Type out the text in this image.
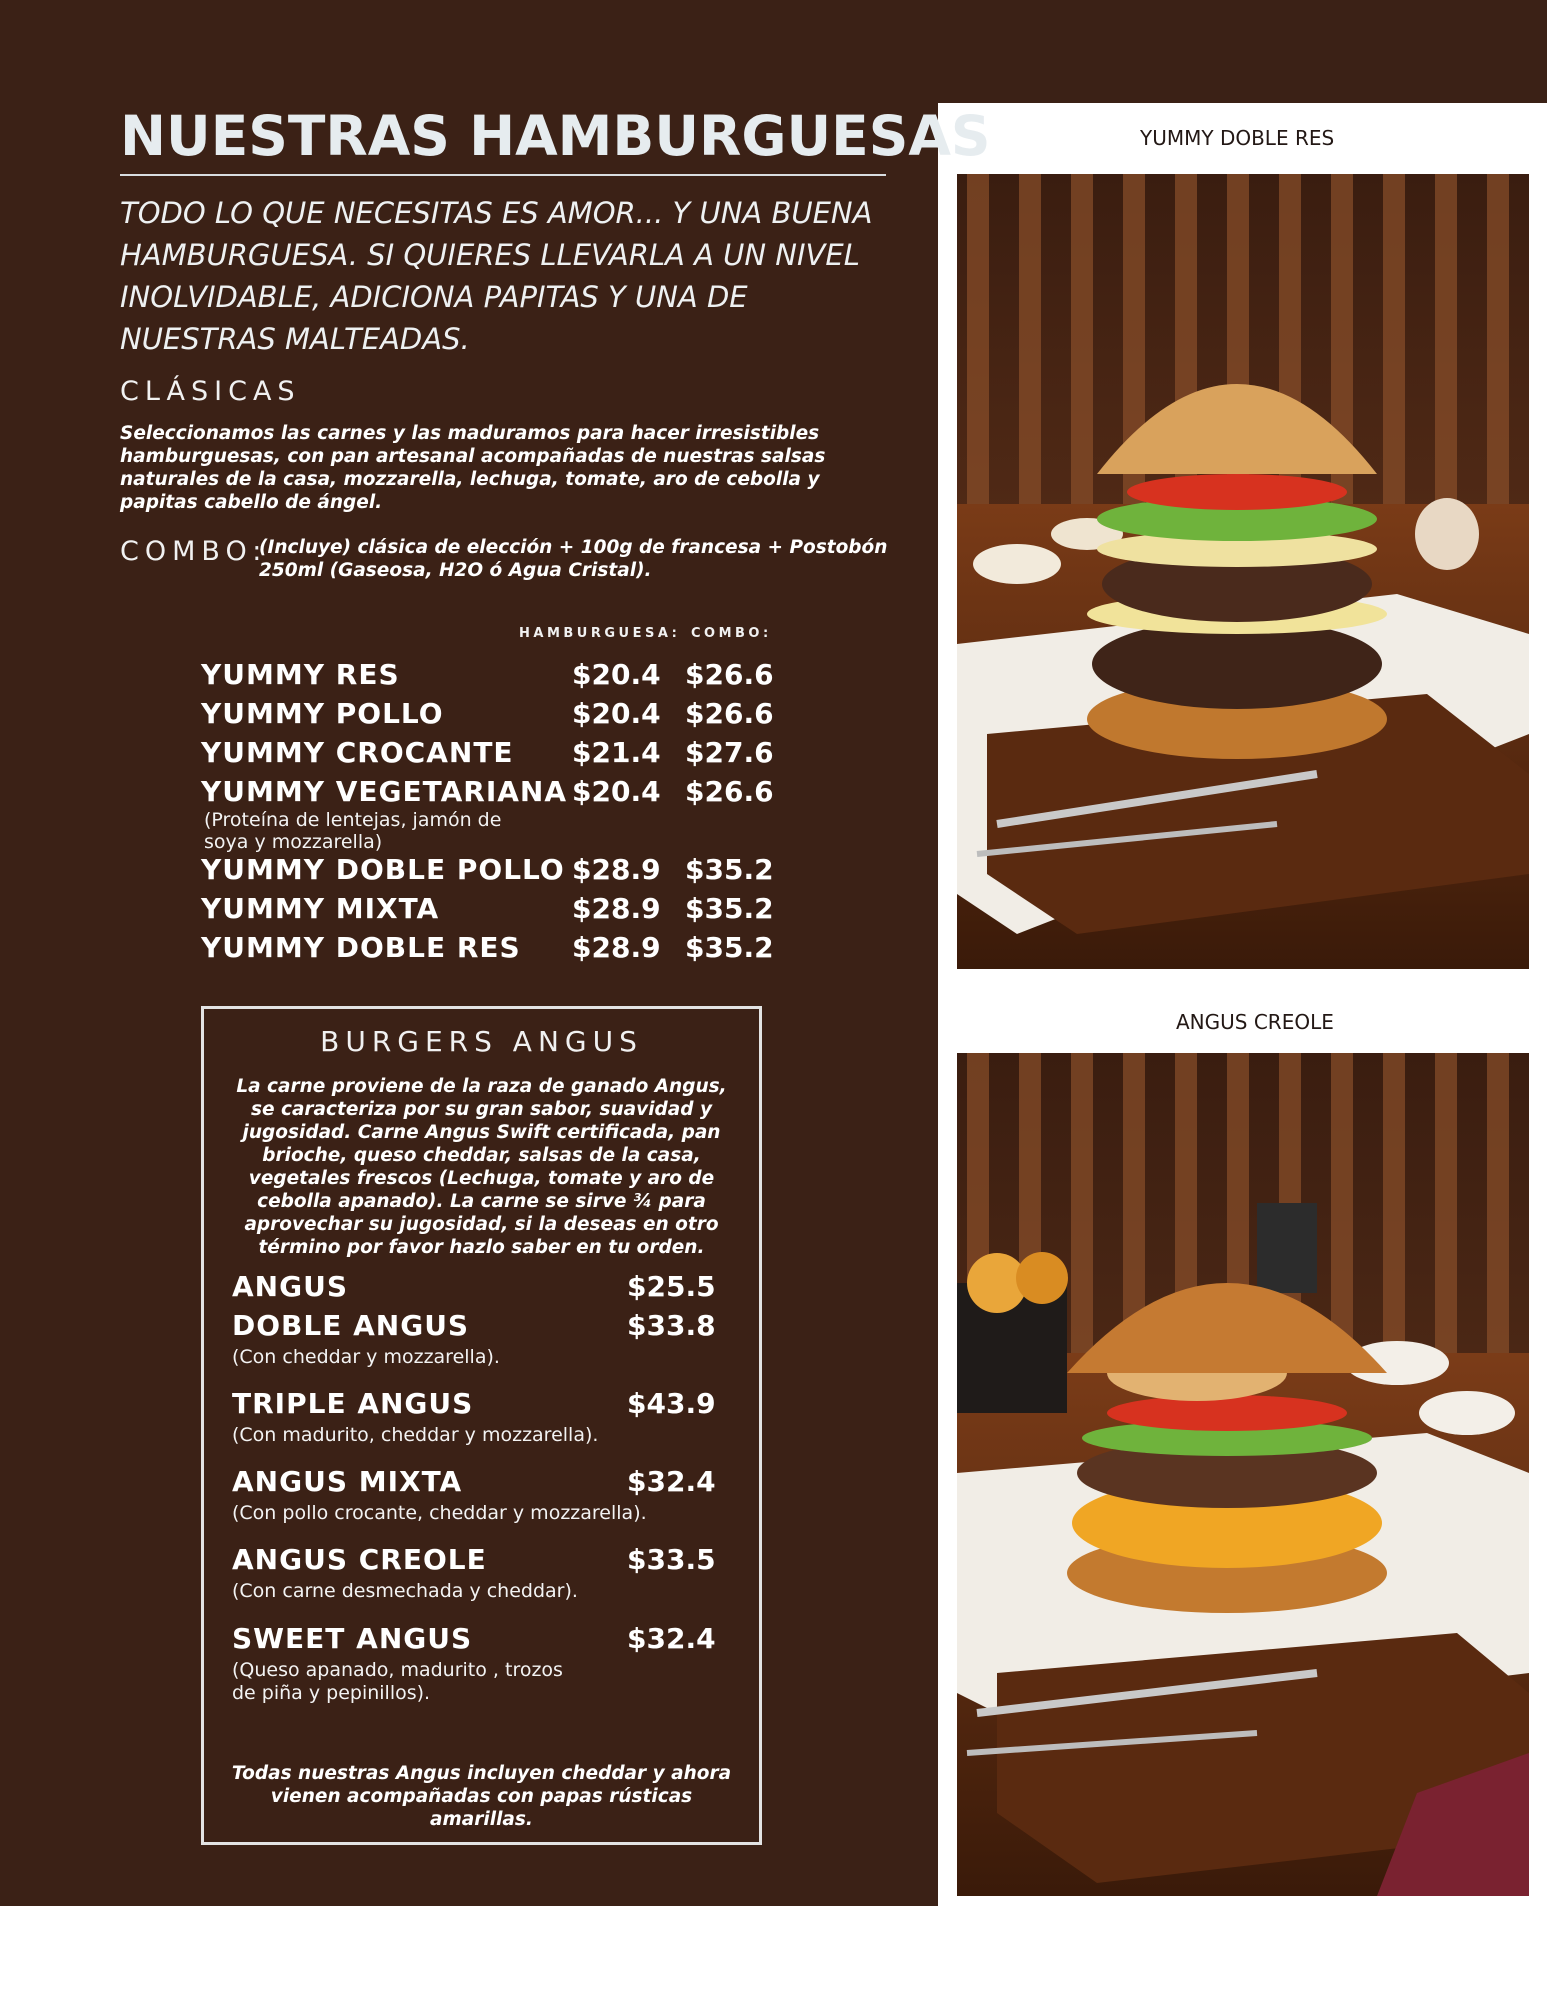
NUESTRAS HAMBURGUESAS
TODO LO QUE NECESITAS ES AMOR... Y UNA BUENA HAMBURGUESA. SI QUIERES LLEVARLA A UN NIVEL INOLVIDABLE, ADICIONA PAPITAS Y UNA DE NUESTRAS MALTEADAS.
CLÁSICAS
Seleccionamos las carnes y las maduramos para hacer irresistibles hamburguesas, con pan artesanal acompañadas de nuestras salsas naturales de la casa, mozzarella, lechuga, tomate, aro de cebolla y papitas cabello de ángel.
COMBO:
(Incluye) clásica de elección + 100g de francesa + Postobón 250ml (Gaseosa, H2O ó Agua Cristal).
HAMBURGUESA: COMBO:
YUMMY RES	$20.4 $26.6
YUMMY POLLO	$20.4 $26.6
YUMMY CROCANTE $21.4 $27.6
YUMMY VEGETARIANA $20.4 $26.6
(Proteína de lentejas, jamón de soya y mozzarella)
YUMMY DOBLE POLLO $28.9 $35.2
YUMMY MIXTA	$28.9 $35.2
YUMMY DOBLE RES $28.9 $35.2
BURGERS ANGUS
La carne proviene de la raza de ganado Angus, se caracteriza por su gran sabor, suavidad y jugosidad. Carne Angus Swift certificada, pan brioche, queso cheddar, salsas de la casa, vegetales frescos (Lechuga, tomate y aro de cebolla apanado). La carne se sirve ¾ para aprovechar su jugosidad, si la deseas en otro término por favor hazlo saber en tu orden.
ANGUS	$25.5
DOBLE ANGUS	$33.8
(Con cheddar y mozzarella).
TRIPLE ANGUS	$43.9
(Con madurito, cheddar y mozzarella).
ANGUS MIXTA	$32.4
(Con pollo crocante, cheddar y mozzarella).
ANGUS CREOLE	$33.5
(Con carne desmechada y cheddar).
SWEET ANGUS	$32.4
(Queso apanado, madurito , trozos de piña y pepinillos).
Todas nuestras Angus incluyen cheddar y ahora vienen acompañadas con papas rústicas amarillas.
YUMMY DOBLE RES
ANGUS CREOLE
